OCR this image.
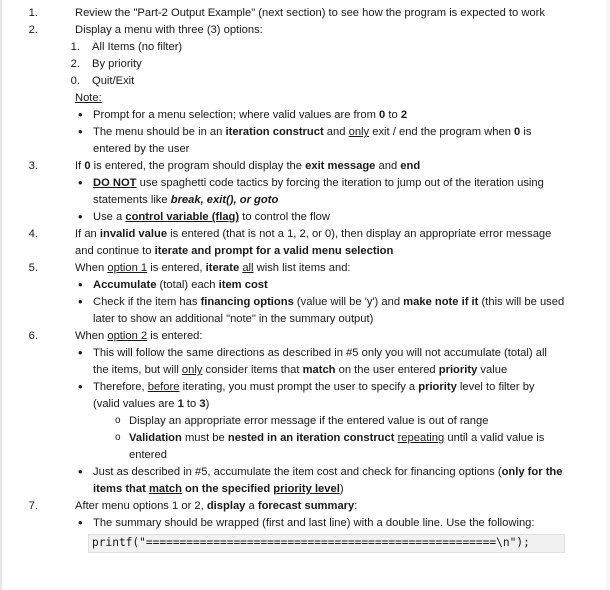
1.	Review the "Part-2 Output Example" (next section) to see how the program is expected to work
2.	Display a menu with three (3) options:
1. All Items (no filter)
2. By priority
0. Quit/Exit
Note:
• Prompt for a menu selection; where valid values are from 0 to 2
• The menu should be in an iteration construct and only exit / end the program when 0 is
entered by the user
3.	If 0 is entered, the program should display the exit message and end
• DO NOT use spaghetti code tactics by forcing the iteration to jump out of the iteration using
statements like break, exit(), or goto
• Use a control variable (flag) to control the flow
4.	If an invalid value is entered (that is not a 1, 2, or 0), then display an appropriate error message
and continue to iterate and prompt for a valid menu selection
5.	When option 1 is entered, iterate all wish list items and:
• Accumulate (total) each item cost
• Check if the item has financing options (value will be 'y') and make note if it (this will be used
later to show an additional "note" in the summary output)
6.	When option 2 is entered:
• This will follow the same directions as described in #5 only you will not accumulate (total) all
the items, but will only consider items that match on the user entered priority value
• Therefore, before iterating, you must prompt the user to specify a priority level to filter by
(valid values are 1 to 3)
o Display an appropriate error message if the entered value is out of range
o Validation must be nested in an iteration construct repeating until a valid value is
entered
• Just as described in #5, accumulate the item cost and check for financing options (only for the
items that match on the specified priority level)
7.	After menu options 1 or 2, display a forecast summary:
• The summary should be wrapped (first and last line) with a double line. Use the following:
printf("====================================================\n");
